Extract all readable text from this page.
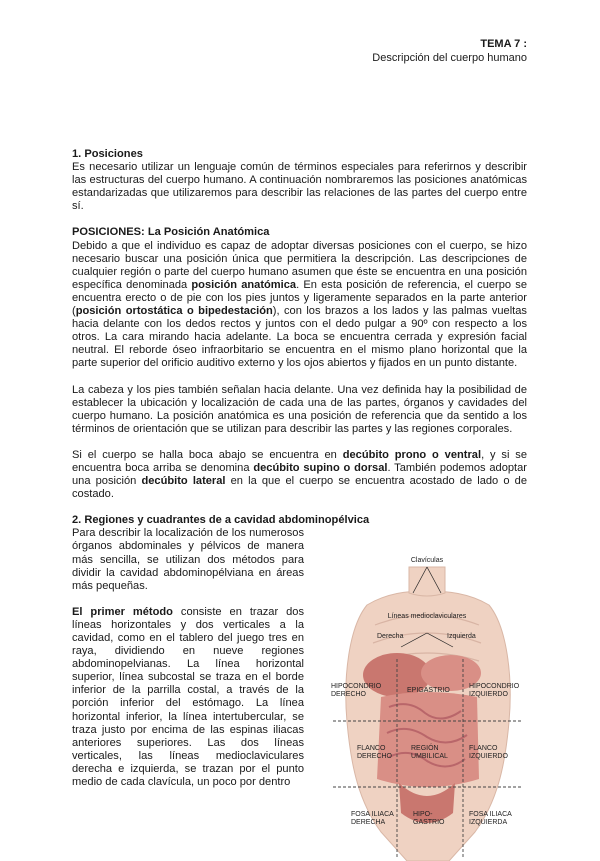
TEMA 7 :
Descripción del cuerpo humano

1. Posiciones

Es necesario utilizar un lenguaje común de términos especiales para referirnos y describir las estructuras del cuerpo humano. A continuación nombraremos las posiciones anatómicas estandarizadas que utilizaremos para describir las relaciones de las partes del cuerpo entre sí.

POSICIONES: La Posición Anatómica

Debido a que el individuo es capaz de adoptar diversas posiciones con el cuerpo, se hizo necesario buscar una posición única que permitiera la descripción. Las descripciones de cualquier región o parte del cuerpo humano asumen que éste se encuentra en una posición específica denominada posición anatómica. En esta posición de referencia, el cuerpo se encuentra erecto o de pie con los pies juntos y ligeramente separados en la parte anterior (posición ortostática o bipedestación), con los brazos a los lados y las palmas vueltas hacia delante con los dedos rectos y juntos con el dedo pulgar a 90º con respecto a los otros. La cara mirando hacia adelante. La boca se encuentra cerrada y expresión facial neutral. El reborde óseo infraorbitario se encuentra en el mismo plano horizontal que la parte superior del orificio auditivo externo y los ojos abiertos y fijados en un punto distante.

La cabeza y los pies también señalan hacia delante. Una vez definida hay la posibilidad de establecer la ubicación y localización de cada una de las partes, órganos y cavidades del cuerpo humano. La posición anatómica es una posición de referencia que da sentido a los términos de orientación que se utilizan para describir las partes y las regiones corporales.

Si el cuerpo se halla boca abajo se encuentra en decúbito prono o ventral, y si se encuentra boca arriba se denomina decúbito supino o dorsal. También podemos adoptar una posición decúbito lateral en la que el cuerpo se encuentra acostado de lado o de costado.

2. Regiones y cuadrantes de a cavidad abdominopélvica

Para describir la localización de los numerosos órganos abdominales y pélvicos de manera más sencilla, se utilizan dos métodos para dividir la cavidad abdominopélviana en áreas más pequeñas.

El primer método consiste en trazar dos líneas horizontales y dos verticales a la cavidad, como en el tablero del juego tres en raya, dividiendo en nueve regiones abdominopelvianas. La línea horizontal superior, línea subcostal se traza en el borde inferior de la parrilla costal, a través de la porción inferior del estómago. La línea horizontal inferior, la línea intertubercular, se traza justo por encima de las espinas iliacas anteriores superiores. Las dos líneas verticales, las líneas medioclaviculares derecha e izquierda, se trazan por el punto medio de cada clavícula, un poco por dentro

Clavículas
Líneas medioclaviculares
Derecha	Izquierda
HIPOCONDRIO
DERECHO
EPIGASTRIO
HIPOCONDRIO
IZQUIERDO
FLANCO
DERECHO
REGIÓN
UMBILICAL
FLANCO
IZQUIERDO
FOSA ILIACA
DERECHA
HIPO-
GASTRIO
FOSA ILIACA
IZQUIERDA
